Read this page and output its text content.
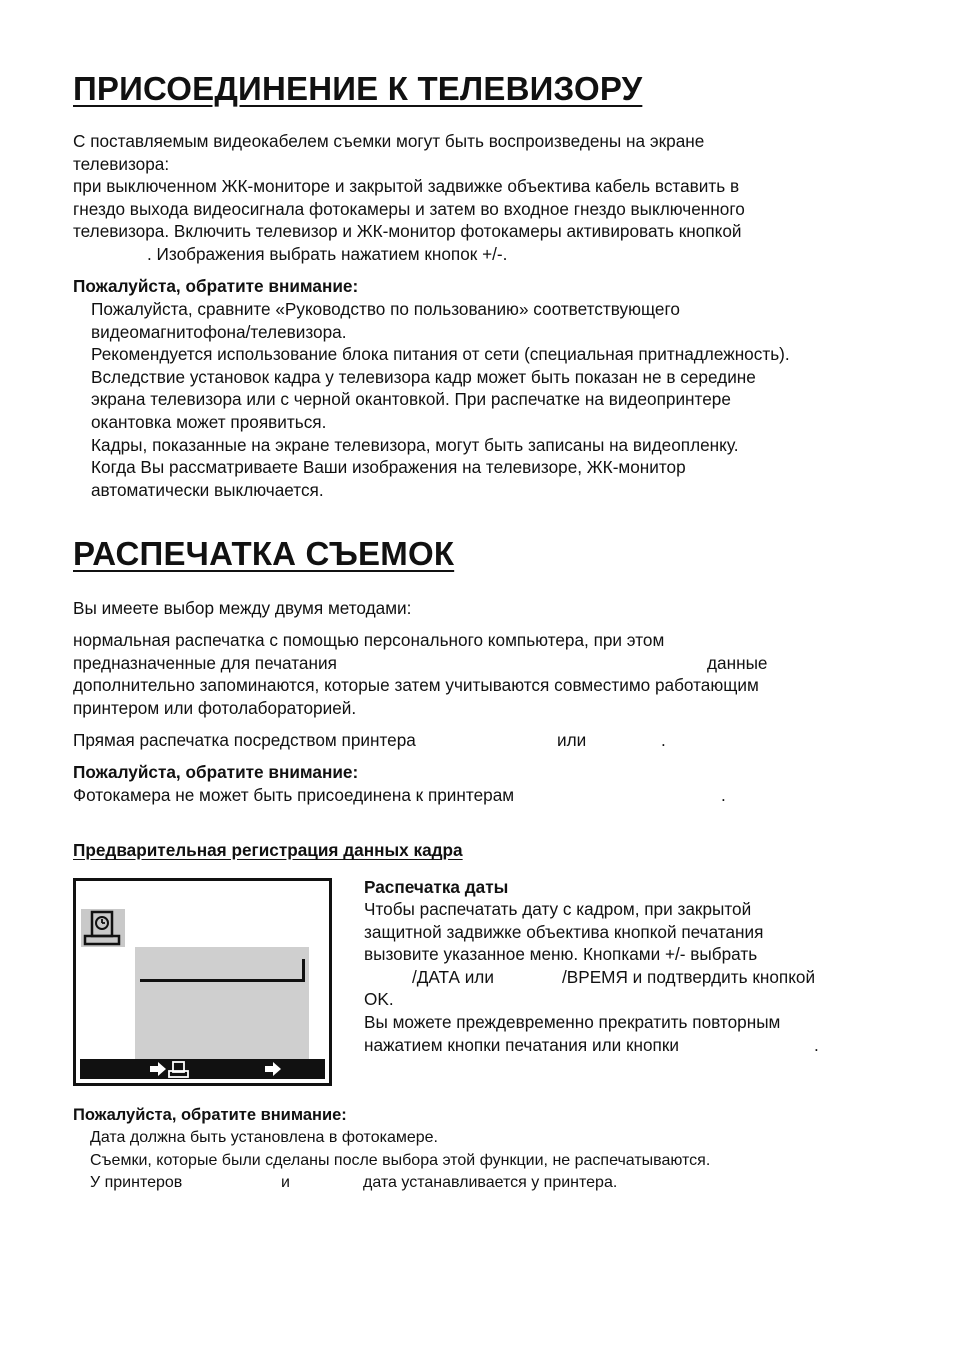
ПРИСОЕДИНЕНИЕ К ТЕЛЕВИЗОРУ
С поставляемым видеокабелем съемки могут быть воспроизведены на экране
телевизора:
при выключенном ЖК-мониторе и закрытой задвижке объектива кабель вставить в
гнездо выхода видеосигнала фотокамеры и затем во входное гнездо выключенного
телевизора. Включить телевизор и ЖК-монитор фотокамеры активировать кнопкой
. Изображения выбрать нажатием кнопок +/-.
Пожалуйста, обратите внимание:
Пожалуйста, сравните «Руководство по пользованию» соответствующего
видеомагнитофона/телевизора.
Рекомендуется использование блока питания от сети (специальная притнадлежность).
Вследствие установок кадра у телевизора кадр может быть показан не в середине
экрана телевизора или с черной окантовкой. При распечатке на видеопринтере
окантовка может проявиться.
Кадры, показанные на экране телевизора, могут быть записаны на видеопленку.
Когда Вы рассматриваете Ваши изображения на телевизоре, ЖК-монитор
автоматически выключается.
РАСПЕЧАТКА СЪЕМОК
Вы имеете выбор между двумя методами:
нормальная распечатка с помощью персонального компьютера, при этом
предназначенные для печатания	данные
дополнительно запоминаются, которые затем учитываются совместимо работающим
принтером или фотолабораторией.
Прямая распечатка посредством принтера	или	.
Пожалуйста, обратите внимание:
Фотокамера не может быть присоединена к принтерам	.
Предварительная регистрация данных кадра
Распечатка даты
Чтобы распечатать дату с кадром, при закрытой
защитной задвижке объектива кнопкой печатания
вызовите указанное меню. Кнопками +/- выбрать
/ДАТА или	/ВРЕМЯ и подтвердить кнопкой
OK.
Вы можете преждевременно прекратить повторным
нажатием кнопки печатания или кнопки	.
Пожалуйста, обратите внимание:
Дата должна быть установлена в фотокамере.
Съемки, которые были сделаны после выбора этой функции, не распечатываются.
У принтеров	и	дата устанавливается у принтера.
